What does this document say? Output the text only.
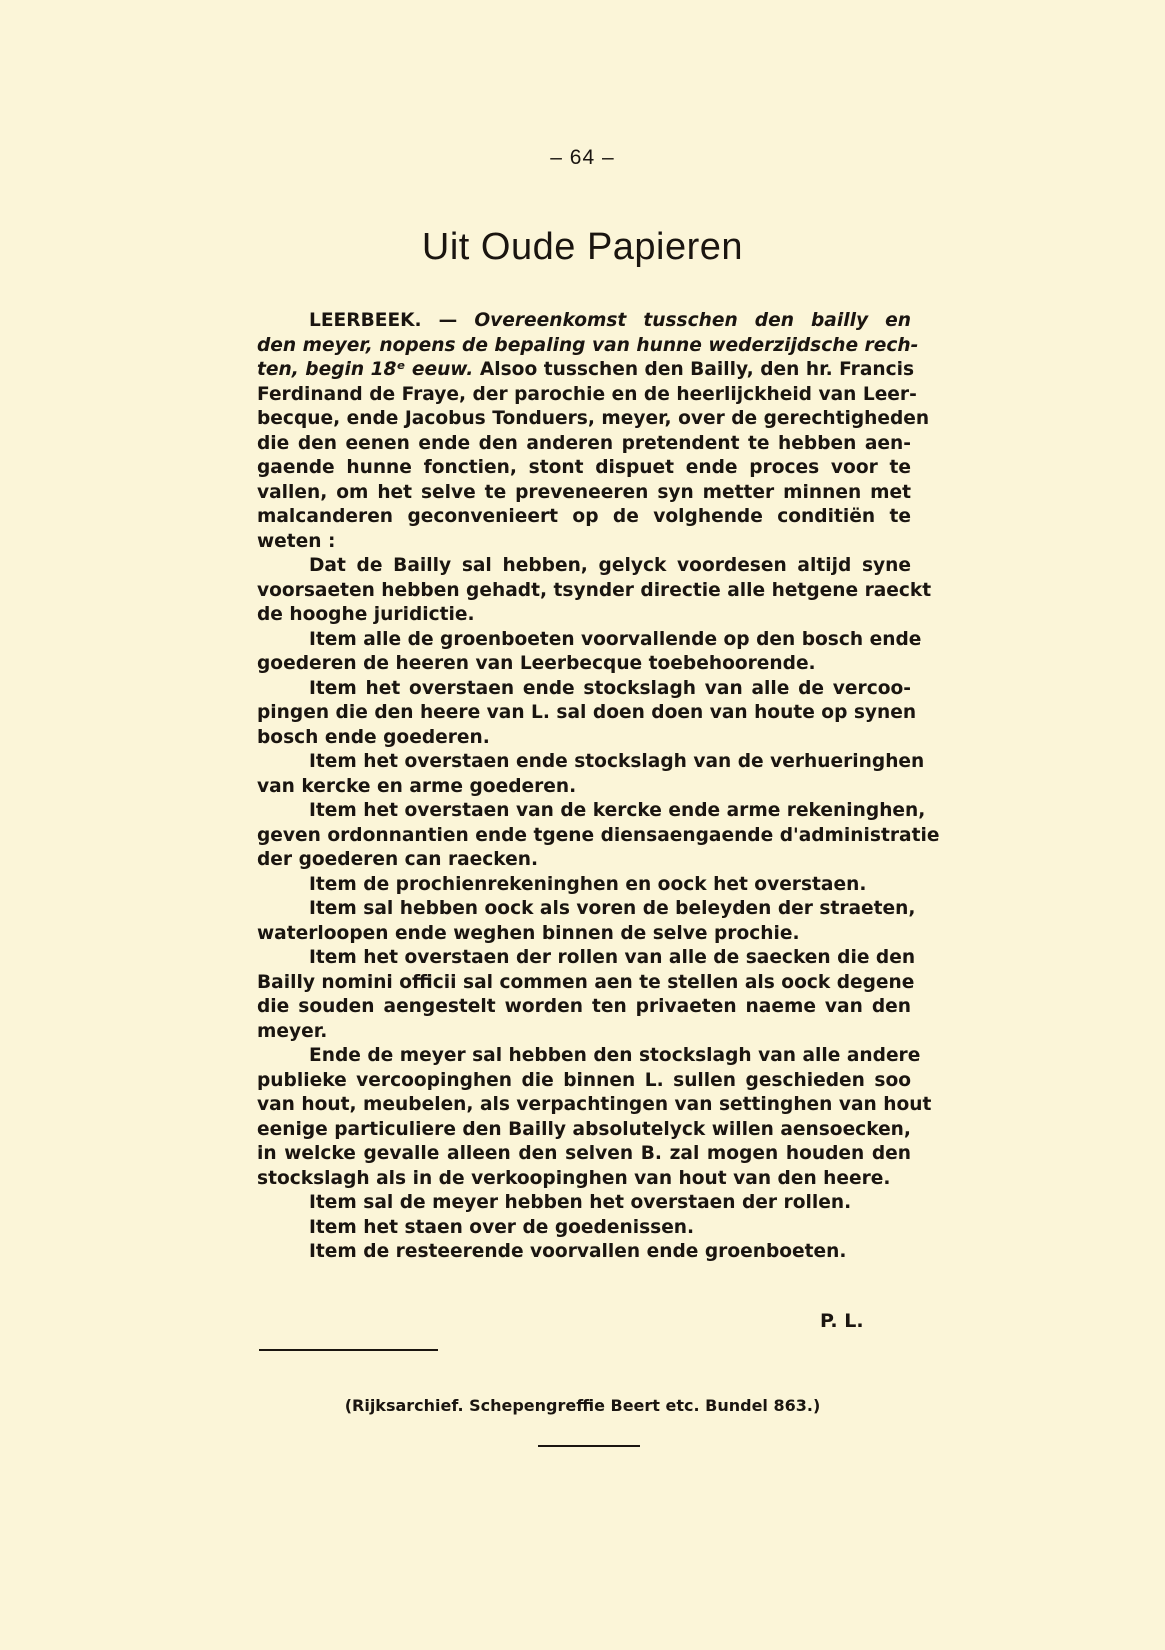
– 64 –
Uit Oude Papieren
LEERBEEK. — Overeenkomst tusschen den bailly en
den meyer, nopens de bepaling van hunne wederzijdsche rech-
ten, begin 18ᵉ eeuw. Alsoo tusschen den Bailly, den hr. Francis
Ferdinand de Fraye, der parochie en de heerlijckheid van Leer-
becque, ende Jacobus Tonduers, meyer, over de gerechtigheden
die den eenen ende den anderen pretendent te hebben aen-
gaende hunne fonctien, stont dispuet ende proces voor te
vallen, om het selve te preveneeren syn metter minnen met
malcanderen geconvenieert op de volghende conditiën te
weten :
Dat de Bailly sal hebben, gelyck voordesen altijd syne
voorsaeten hebben gehadt, tsynder directie alle hetgene raeckt
de hooghe juridictie.
Item alle de groenboeten voorvallende op den bosch ende
goederen de heeren van Leerbecque toebehoorende.
Item het overstaen ende stockslagh van alle de vercoo-
pingen die den heere van L. sal doen doen van houte op synen
bosch ende goederen.
Item het overstaen ende stockslagh van de verhueringhen
van kercke en arme goederen.
Item het overstaen van de kercke ende arme rekeninghen,
geven ordonnantien ende tgene diensaengaende d'administratie
der goederen can raecken.
Item de prochienrekeninghen en oock het overstaen.
Item sal hebben oock als voren de beleyden der straeten,
waterloopen ende weghen binnen de selve prochie.
Item het overstaen der rollen van alle de saecken die den
Bailly nomini officii sal commen aen te stellen als oock degene
die souden aengestelt worden ten privaeten naeme van den
meyer.
Ende de meyer sal hebben den stockslagh van alle andere
publieke vercoopinghen die binnen L. sullen geschieden soo
van hout, meubelen, als verpachtingen van settinghen van hout
eenige particuliere den Bailly absolutelyck willen aensoecken,
in welcke gevalle alleen den selven B. zal mogen houden den
stockslagh als in de verkoopinghen van hout van den heere.
Item sal de meyer hebben het overstaen der rollen.
Item het staen over de goedenissen.
Item de resteerende voorvallen ende groenboeten.
P. L.
(Rijksarchief. Schepengreffie Beert etc. Bundel 863.)
